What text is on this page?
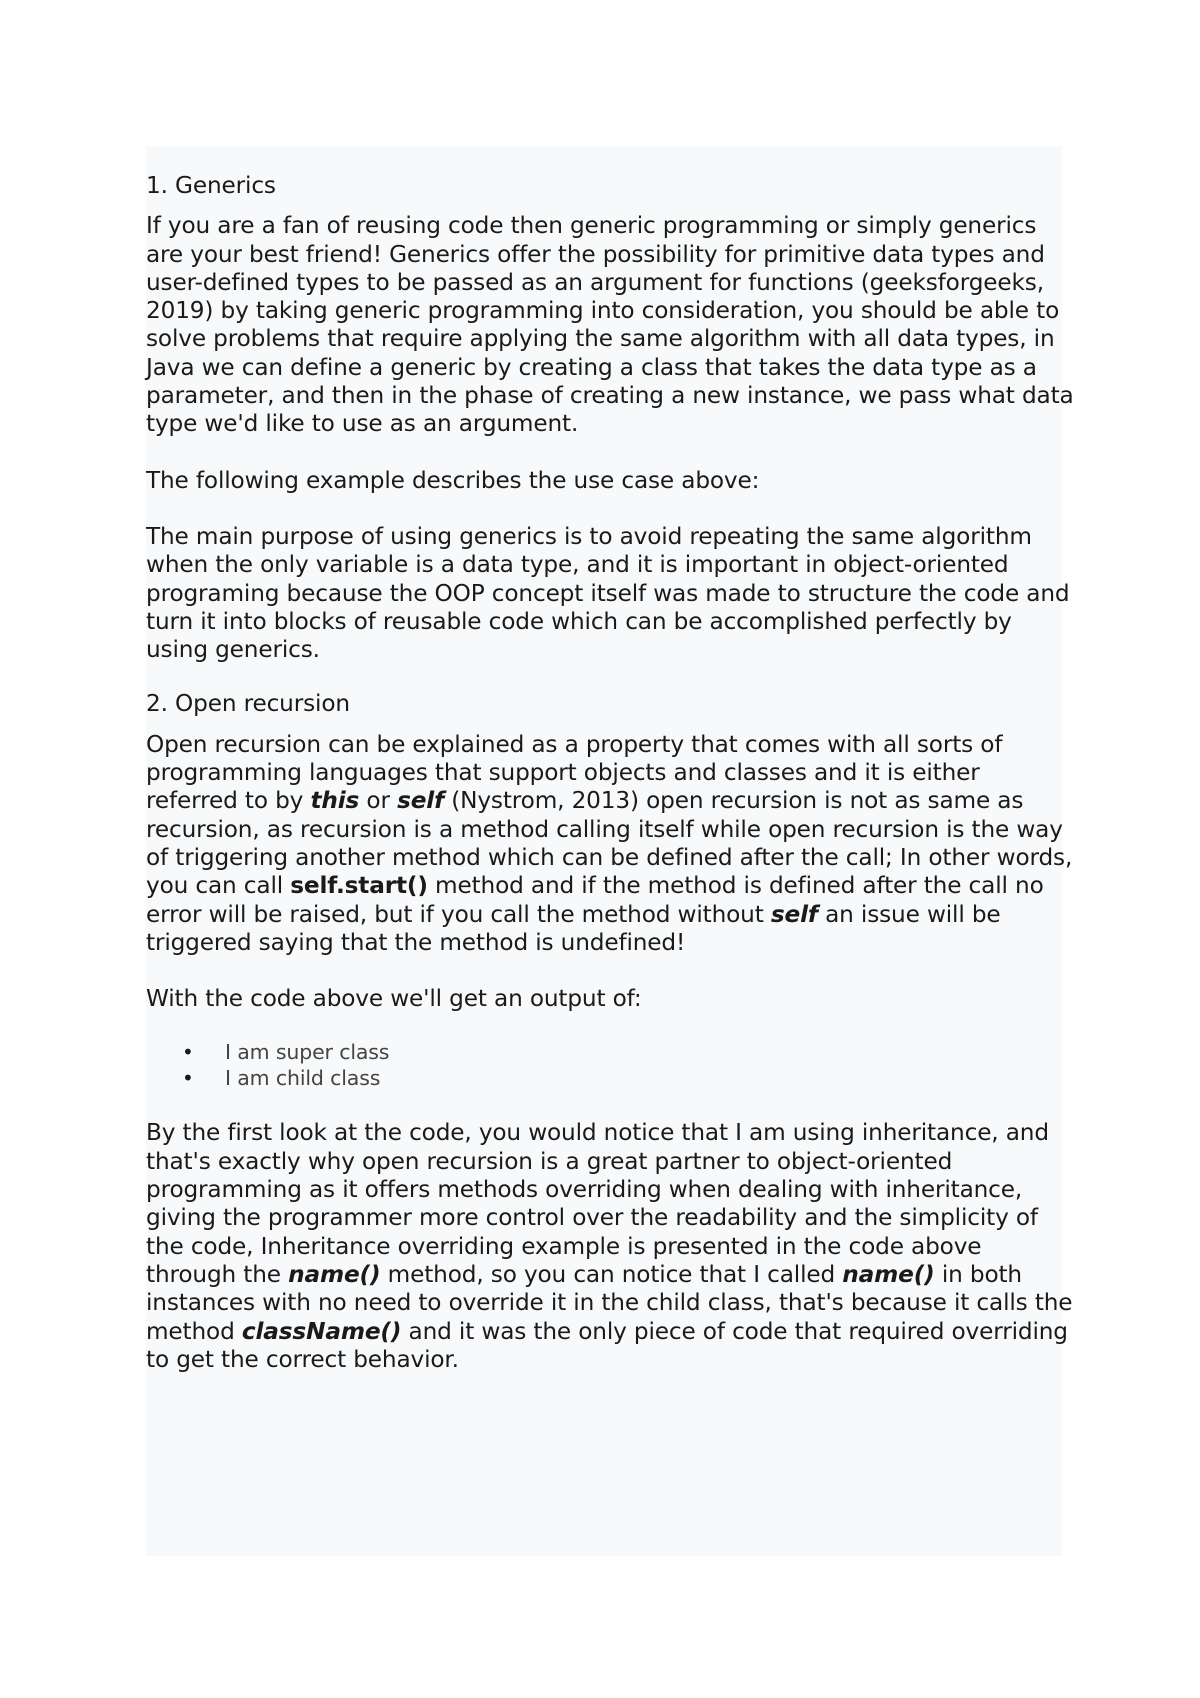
1. Generics

If you are a fan of reusing code then generic programming or simply generics are your best friend! Generics offer the possibility for primitive data types and user-defined types to be passed as an argument for functions (geeksforgeeks, 2019) by taking generic programming into consideration, you should be able to solve problems that require applying the same algorithm with all data types, in Java we can define a generic by creating a class that takes the data type as a parameter, and then in the phase of creating a new instance, we pass what data type we'd like to use as an argument.

The following example describes the use case above:

The main purpose of using generics is to avoid repeating the same algorithm when the only variable is a data type, and it is important in object-oriented programing because the OOP concept itself was made to structure the code and turn it into blocks of reusable code which can be accomplished perfectly by using generics.

2. Open recursion

Open recursion can be explained as a property that comes with all sorts of programming languages that support objects and classes and it is either referred to by this or self (Nystrom, 2013) open recursion is not as same as recursion, as recursion is a method calling itself while open recursion is the way of triggering another method which can be defined after the call; In other words, you can call self.start() method and if the method is defined after the call no error will be raised, but if you call the method without self an issue will be triggered saying that the method is undefined!

With the code above we'll get an output of:

• I am super class
• I am child class

By the first look at the code, you would notice that I am using inheritance, and that's exactly why open recursion is a great partner to object-oriented programming as it offers methods overriding when dealing with inheritance, giving the programmer more control over the readability and the simplicity of the code, Inheritance overriding example is presented in the code above through the name() method, so you can notice that I called name() in both instances with no need to override it in the child class, that's because it calls the method className() and it was the only piece of code that required overriding to get the correct behavior.
